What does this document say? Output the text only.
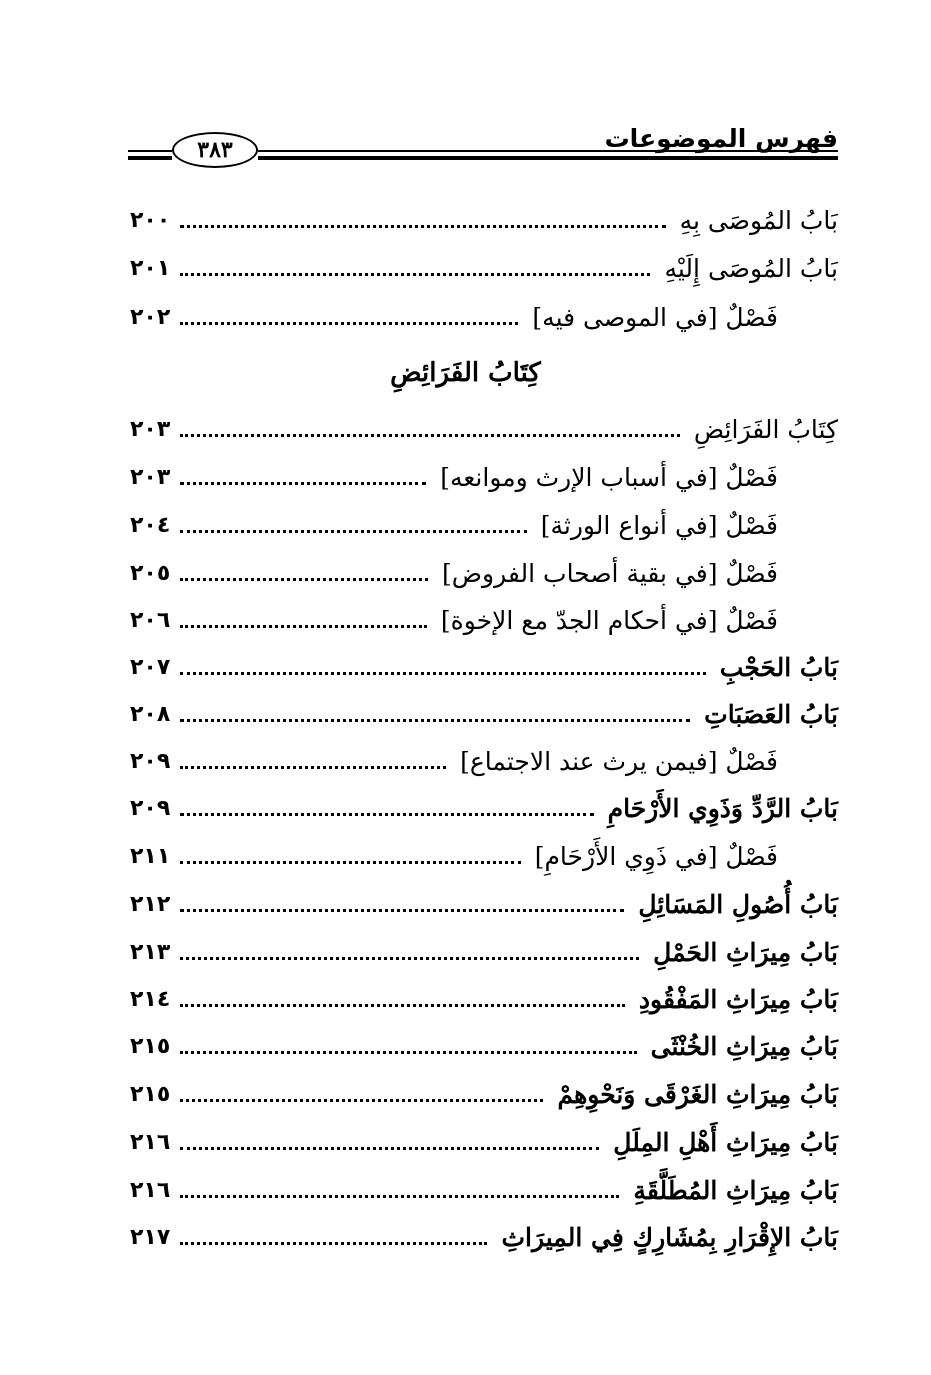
٣٨٣	فهرس الموضوعات
كِتَابُ الفَرَائِضِ
بَابُ المُوصَى بِهِ
٢٠٠
بَابُ المُوصَى إِلَيْهِ
٢٠١
فَصْلٌ [في الموصى فيه]
٢٠٢
كِتَابُ الفَرَائِضِ
٢٠٣
فَصْلٌ [في أسباب الإرث وموانعه]
٢٠٣
فَصْلٌ [في أنواع الورثة]
٢٠٤
فَصْلٌ [في بقية أصحاب الفروض]
٢٠٥
فَصْلٌ [في أحكام الجدّ مع الإخوة]
٢٠٦
بَابُ الحَجْبِ
٢٠٧
بَابُ العَصَبَاتِ
٢٠٨
فَصْلٌ [فيمن يرث عند الاجتماع]
٢٠٩
بَابُ الرَّدِّ وَذَوِي الأَرْحَامِ
٢٠٩
فَصْلٌ [في ذَوِي الأَرْحَامِ]
٢١١
بَابُ أُصُولِ المَسَائِلِ
٢١٢
بَابُ مِيرَاثِ الحَمْلِ
٢١٣
بَابُ مِيرَاثِ المَفْقُودِ
٢١٤
بَابُ مِيرَاثِ الخُنْثَى
٢١٥
بَابُ مِيرَاثِ الغَرْقَى وَنَحْوِهِمْ
٢١٥
بَابُ مِيرَاثِ أَهْلِ المِلَلِ
٢١٦
بَابُ مِيرَاثِ المُطَلَّقَةِ
٢١٦
بَابُ الإِقْرَارِ بِمُشَارِكٍ فِي المِيرَاثِ
٢١٧
